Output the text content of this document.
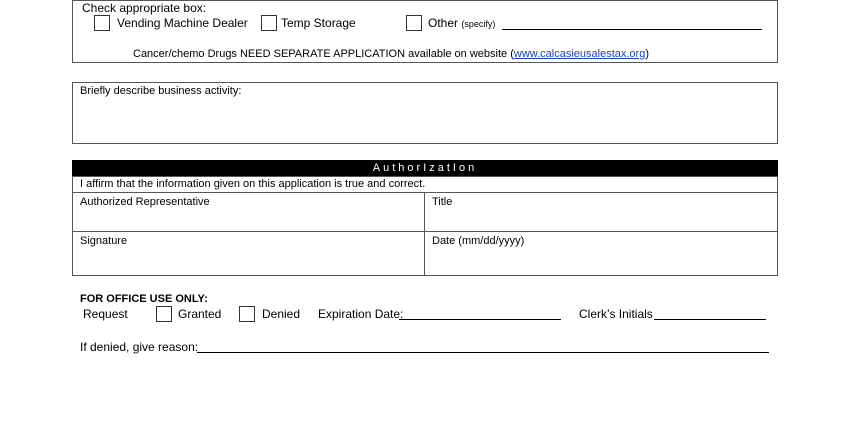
Check appropriate box:
Vending Machine Dealer	Temp Storage	Other (specify)
Cancer/chemo Drugs NEED SEPARATE APPLICATION available on website (www.calcasieusalestax.org)
Briefly describe business activity:
AuthorIzatIon
I affirm that the information given on this application is true and correct.
Authorized Representative	Title
Signature	Date (mm/dd/yyyy)
FOR OFFICE USE ONLY:
Request	Granted	Denied Expiration Date:	Clerk’s Initials
If denied, give reason:
